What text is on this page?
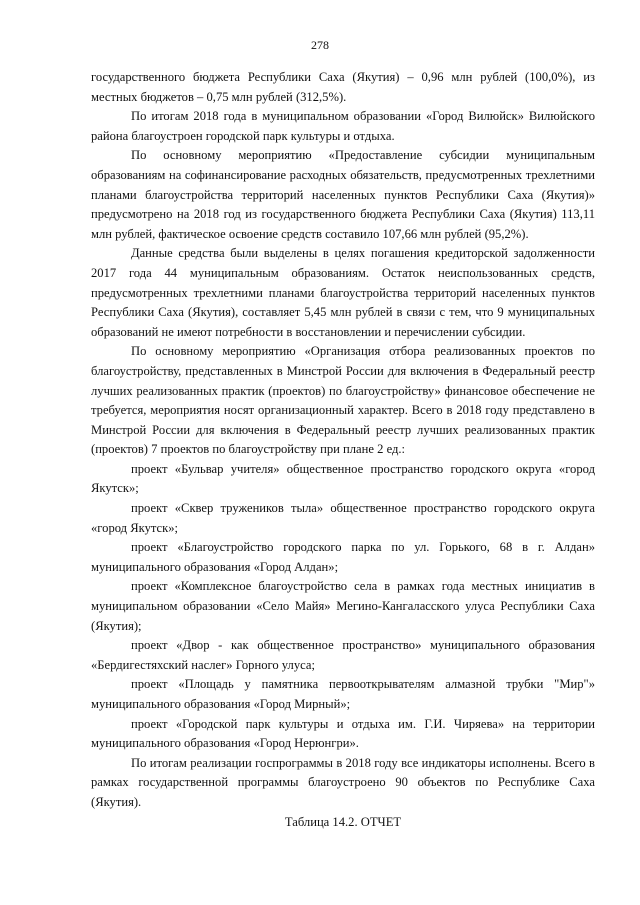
278

государственного бюджета Республики Саха (Якутия) – 0,96 млн рублей (100,0%), из местных бюджетов – 0,75 млн рублей (312,5%).

По итогам 2018 года в муниципальном образовании «Город Вилюйск» Вилюйского района благоустроен городской парк культуры и отдыха.

По основному мероприятию «Предоставление субсидии муниципальным образованиям на софинансирование расходных обязательств, предусмотренных трехлетними планами благоустройства территорий населенных пунктов Республики Саха (Якутия)» предусмотрено на 2018 год из государственного бюджета Республики Саха (Якутия) 113,11 млн рублей, фактическое освоение средств составило 107,66 млн рублей (95,2%).

Данные средства были выделены в целях погашения кредиторской задолженности 2017 года 44 муниципальным образованиям. Остаток неиспользованных средств, предусмотренных трехлетними планами благоустройства территорий населенных пунктов Республики Саха (Якутия), составляет 5,45 млн рублей в связи с тем, что 9 муниципальных образований не имеют потребности в восстановлении и перечислении субсидии.

По основному мероприятию «Организация отбора реализованных проектов по благоустройству, представленных в Минстрой России для включения в Федеральный реестр лучших реализованных практик (проектов) по благоустройству» финансовое обеспечение не требуется, мероприятия носят организационный характер. Всего в 2018 году представлено в Минстрой России для включения в Федеральный реестр лучших реализованных практик (проектов) 7 проектов по благоустройству при плане 2 ед.:

проект «Бульвар учителя» общественное пространство городского округа «город Якутск»;

проект «Сквер тружеников тыла» общественное пространство городского округа «город Якутск»;

проект «Благоустройство городского парка по ул. Горького, 68 в г. Алдан» муниципального образования «Город Алдан»;

проект «Комплексное благоустройство села в рамках года местных инициатив в муниципальном образовании «Село Майя» Мегино-Кангаласского улуса Республики Саха (Якутия);

проект «Двор - как общественное пространство» муниципального образования «Бердигестяхский наслег» Горного улуса;

проект «Площадь у памятника первооткрывателям алмазной трубки "Мир"» муниципального образования «Город Мирный»;

проект «Городской парк культуры и отдыха им. Г.И. Чиряева» на территории муниципального образования «Город Нерюнгри».

По итогам реализации госпрограммы в 2018 году все индикаторы исполнены. Всего в рамках государственной программы благоустроено 90 объектов по Республике Саха (Якутия).

Таблица 14.2. ОТЧЕТ
